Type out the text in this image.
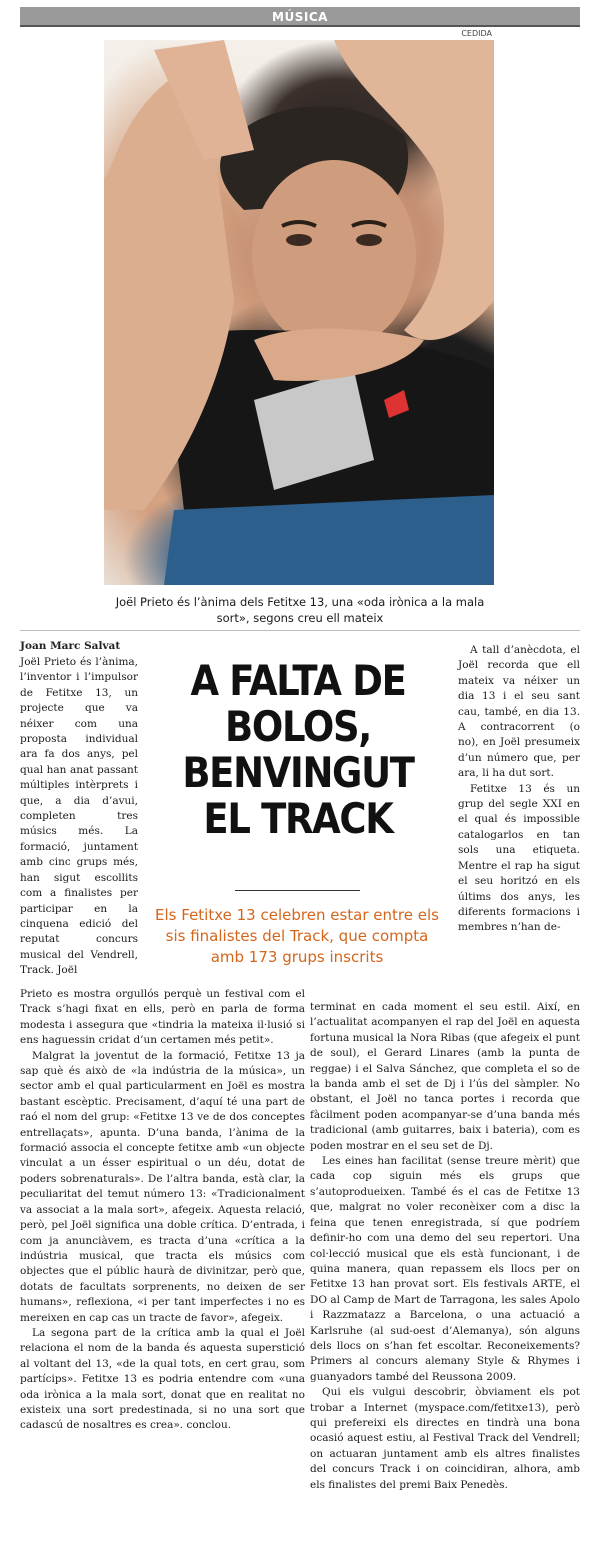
MÚSICA
CEDIDA
Joël Prieto és l’ànima dels Fetitxe 13, una «oda irònica a la mala sort», segons creu ell mateix
Joan Marc Salvat

Joël Prieto és l’ànima, l’inventor i l’impulsor de Fetitxe 13, un projecte que va néixer com una proposta individual ara fa dos anys, pel qual han anat passant múltiples intèrprets i que, a dia d’avui, completen tres músics més. La formació, juntament amb cinc grups més, han sigut escollits com a finalistes per participar en la cinquena edició del reputat concurs musical del Vendrell, Track. Joël

A FALTA DE BOLOS, BENVINGUT EL TRACK
Els Fetitxe 13 celebren estar entre els sis finalistes del Track, que compta amb 173 grups inscrits

Prieto es mostra orgullós perquè un festival com el Track s’hagi fixat en ells, però en parla de forma modesta i assegura que «tindria la mateixa il·lusió si ens haguessin cridat d’un certamen més petit».

Malgrat la joventut de la formació, Fetitxe 13 ja sap què és això de «la indústria de la música», un sector amb el qual particularment en Joël es mostra bastant escèptic. Precisament, d’aquí té una part de raó el nom del grup: «Fetitxe 13 ve de dos conceptes entrellaçats», apunta. D’una banda, l’ànima de la formació associa el concepte fetitxe amb «un objecte vinculat a un ésser espiritual o un déu, dotat de poders sobrenaturals». De l’altra banda, està clar, la peculiaritat del temut número 13: «Tradicionalment va associat a la mala sort», afegeix. Aquesta relació, però, pel Joël significa una doble crítica. D’entrada, i com ja anunciàvem, es tracta d’una «crítica a la indústria musical, que tracta els músics com objectes que el públic haurà de divinitzar, però que, dotats de facultats sorprenents, no deixen de ser humans», reflexiona, «i per tant imperfectes i no es mereixen en cap cas un tracte de favor», afegeix.

La segona part de la crítica amb la qual el Joël relaciona el nom de la banda és aquesta superstició al voltant del 13, «de la qual tots, en cert grau, som partícips». Fetitxe 13 es podria entendre com «una oda irònica a la mala sort, donat que en realitat no existeix una sort predestinada, si no una sort que cadascú de nosaltres es crea». conclou.

A tall d’anècdota, el Joël recorda que ell mateix va néixer un dia 13 i el seu sant cau, també, en dia 13. A contracorrent (o no), en Joël presumeix d’un número que, per ara, li ha dut sort.

Fetitxe 13 és un grup del segle XXI en el qual és impossible catalogarlos en tan sols una etiqueta. Mentre el rap ha sigut el seu horitzó en els últims dos anys, les diferents formacions i membres n’han de-

terminat en cada moment el seu estil. Així, en l’actualitat acompanyen el rap del Joël en aquesta fortuna musical la Nora Ribas (que afegeix el punt de soul), el Gerard Linares (amb la punta de reggae) i el Salva Sánchez, que completa el so de la banda amb el set de Dj i l’ús del sàmpler. No obstant, el Joël no tanca portes i recorda que fàcilment poden acompanyar-se d’una banda més tradicional (amb guitarres, baix i bateria), com es poden mostrar en el seu set de Dj.

Les eines han facilitat (sense treure mèrit) que cada cop siguin més els grups que s’autoprodueixen. També és el cas de Fetitxe 13 que, malgrat no voler reconèixer com a disc la feina que tenen enregistrada, sí que podríem definir-ho com una demo del seu repertori. Una col·lecció musical que els està funcionant, i de quina manera, quan repassem els llocs per on Fetitxe 13 han provat sort. Els festivals ARTE, el DO al Camp de Mart de Tarragona, les sales Apolo i Razzmatazz a Barcelona, o una actuació a Karlsruhe (al sud-oest d’Alemanya), són alguns dels llocs on s’han fet escoltar. Reconeixements? Primers al concurs alemany Style & Rhymes i guanyadors també del Reussona 2009.

Qui els vulgui descobrir, òbviament els pot trobar a Internet (myspace.com/fetitxe13), però qui prefereixi els directes en tindrà una bona ocasió aquest estiu, al Festival Track del Vendrell; on actuaran juntament amb els altres finalistes del concurs Track i on coincidiran, alhora, amb els finalistes del premi Baix Penedès.
